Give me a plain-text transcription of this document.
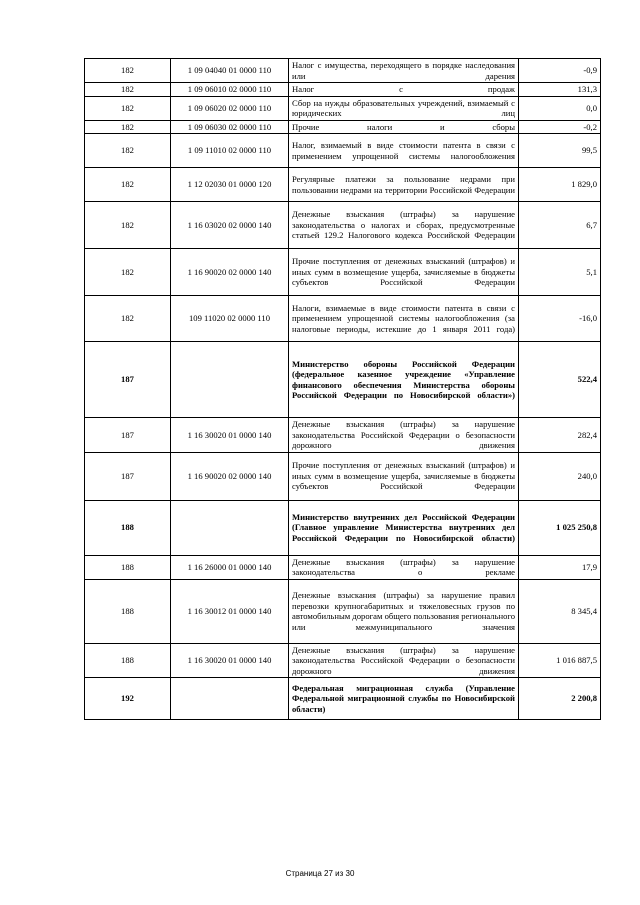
182	1 09 04040 01 0000 110	Налог с имущества, переходящего в порядке наследования или дарения	-0,9
182	1 09 06010 02 0000 110	Налог с продаж	131,3
182	1 09 06020 02 0000 110	Сбор на нужды образовательных учреждений, взимаемый с юридических лиц	0,0
182	1 09 06030 02 0000 110	Прочие налоги и сборы	-0,2
182	1 09 11010 02 0000 110	Налог, взимаемый в виде стоимости патента в связи с применением упрощенной системы налогообложения	99,5
182	1 12 02030 01 0000 120	Регулярные платежи за пользование недрами при пользовании недрами на территории Российской Федерации	1 829,0
182	1 16 03020 02 0000 140	Денежные взыскания (штрафы) за нарушение законодательства о налогах и сборах, предусмотренные статьей 129.2 Налогового кодекса Российской Федерации	6,7
182	1 16 90020 02 0000 140	Прочие поступления от денежных взысканий (штрафов) и иных сумм в возмещение ущерба, зачисляемые в бюджеты субъектов Российской Федерации	5,1
182	109 11020 02 0000 110	Налоги, взимаемые в виде стоимости патента в связи с применением упрощенной системы налогообложения (за налоговые периоды, истекшие до 1 января 2011 года)	-16,0
187		Министерство обороны Российской Федерации (федеральное казенное учреждение «Управление финансового обеспечения Министерства обороны Российской Федерации по Новосибирской области»)	522,4
187	1 16 30020 01 0000 140	Денежные взыскания (штрафы) за нарушение законодательства Российской Федерации о безопасности дорожного движения	282,4
187	1 16 90020 02 0000 140	Прочие поступления от денежных взысканий (штрафов) и иных сумм в возмещение ущерба, зачисляемые в бюджеты субъектов Российской Федерации	240,0
188		Министерство внутренних дел Российской Федерации (Главное управление Министерства внутренних дел Российской Федерации по Новосибирской области)	1 025 250,8
188	1 16 26000 01 0000 140	Денежные взыскания (штрафы) за нарушение законодательства о рекламе	17,9
188	1 16 30012 01 0000 140	Денежные взыскания (штрафы) за нарушение правил перевозки крупногабаритных и тяжеловесных грузов по автомобильным дорогам общего пользования регионального или межмуниципального значения	8 345,4
188	1 16 30020 01 0000 140	Денежные взыскания (штрафы) за нарушение законодательства Российской Федерации о безопасности дорожного движения	1 016 887,5
192		Федеральная миграционная служба (Управление Федеральной миграционной службы по Новосибирской области)	2 200,8
Страница 27 из 30
